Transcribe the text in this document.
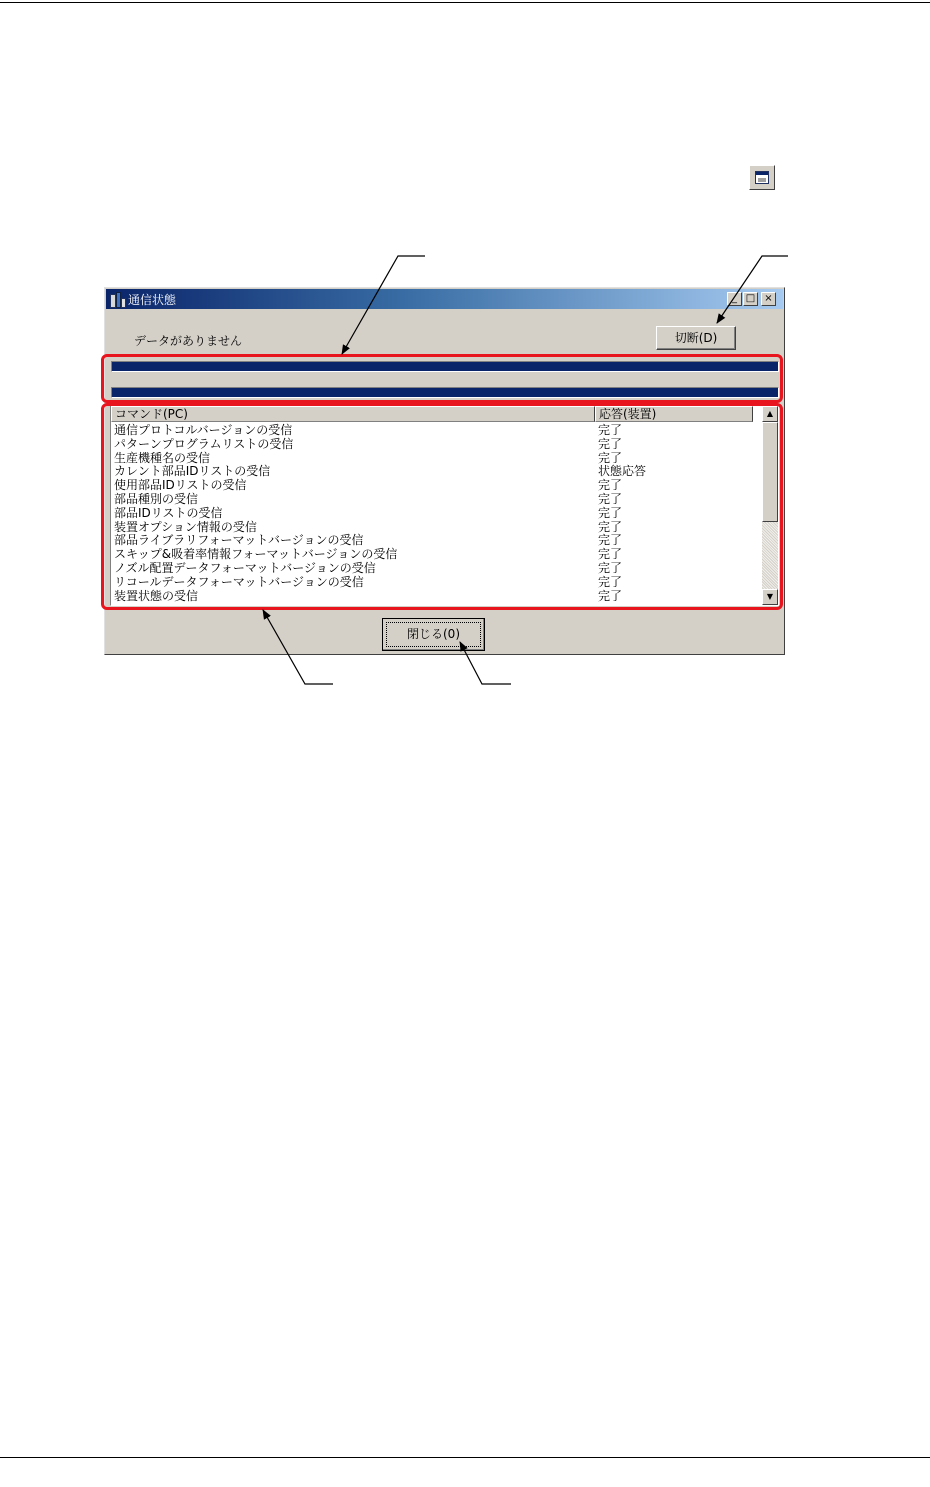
通信状態	_ □ ×
データがありません	切断(D)
コマンド(PC)	応答(装置)
通信プロトコルバージョンの受信	完了
パターンプログラムリストの受信	完了
生産機種名の受信	完了
カレント部品IDリストの受信	状態応答
使用部品IDリストの受信	完了
部品種別の受信	完了
部品IDリストの受信	完了
装置オプション情報の受信	完了
部品ライブラリフォーマットバージョンの受信	完了
スキップ&吸着率情報フォーマットバージョンの受信	完了
ノズル配置データフォーマットバージョンの受信	完了
リコールデータフォーマットバージョンの受信	完了
装置状態の受信	完了
▲
▼
閉じる(0)
